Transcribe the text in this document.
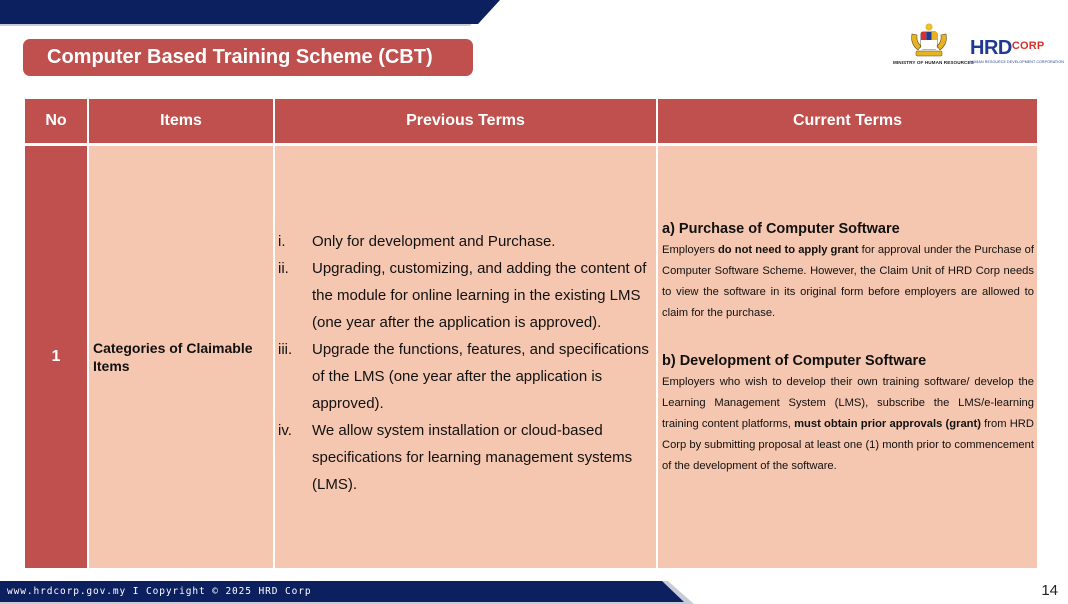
Computer Based Training Scheme (CBT)	MINISTRY OF HUMAN RESOURCES
$HRD^{CORP}$
HUMAN RESOURCE DEVELOPMENT CORPORATION
No	Items	Previous Terms	Current Terms
1 Categories of Claimable Items
i.	Only for development and Purchase.
ii.	Upgrading, customizing, and adding the content of the module for online learning in the existing LMS (one year after the application is approved).
iii.	Upgrade the functions, features, and specifications of the LMS (one year after the application is approved).
iv.	We allow system installation or cloud-based specifications for learning management systems (LMS).
a) Purchase of Computer Software

Employers do not need to apply grant for approval under the Purchase of Computer Software Scheme. However, the Claim Unit of HRD Corp needs to view the software in its original form before employers are allowed to claim for the purchase.

b) Development of Computer Software

Employers who wish to develop their own training software/ develop the Learning Management System (LMS), subscribe the LMS/e-learning training content platforms, must obtain prior approvals (grant) from HRD Corp by submitting proposal at least one (1) month prior to commencement of the development of the software.

www.hrdcorp.gov.my I Copyright © 2025 HRD Corp	14
